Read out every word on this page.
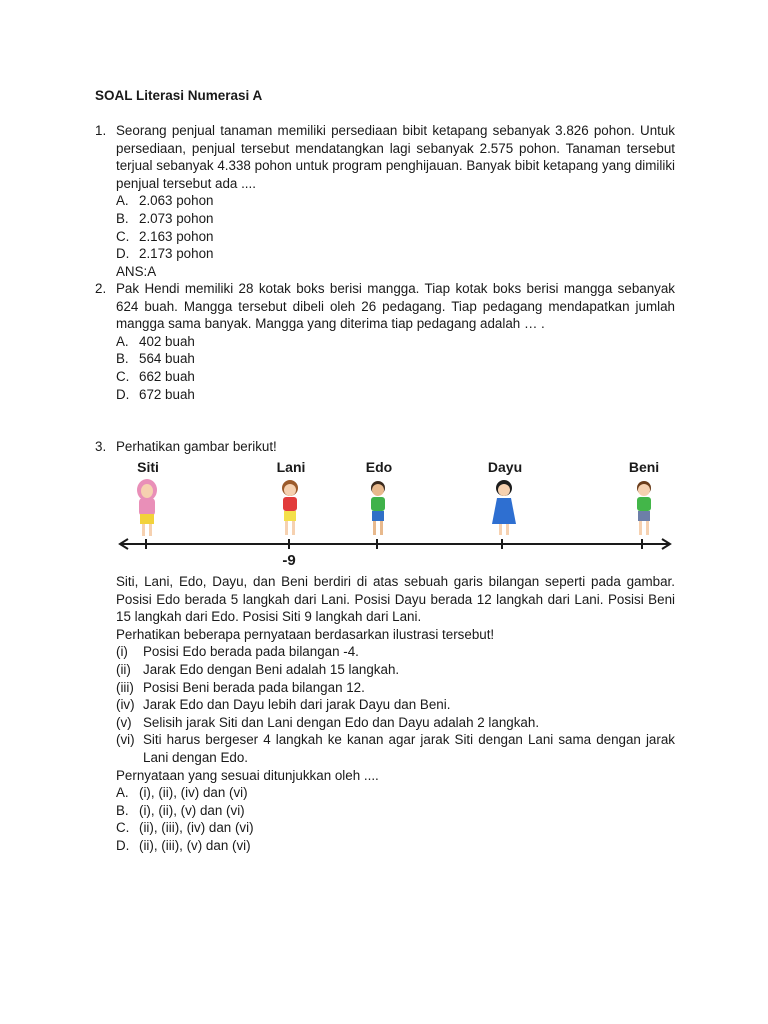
SOAL Literasi Numerasi A
1. Seorang penjual tanaman memiliki persediaan bibit ketapang sebanyak 3.826 pohon. Untuk persediaan, penjual tersebut mendatangkan lagi sebanyak 2.575 pohon. Tanaman tersebut terjual sebanyak 4.338 pohon untuk program penghijauan. Banyak bibit ketapang yang dimiliki penjual tersebut ada ....

A. 2.063 pohon
B. 2.073 pohon
C. 2.163 pohon
D. 2.173 pohon
ANS:A
2. Pak Hendi memiliki 28 kotak boks berisi mangga. Tiap kotak boks berisi mangga sebanyak 624 buah. Mangga tersebut dibeli oleh 26 pedagang. Tiap pedagang mendapatkan jumlah mangga sama banyak. Mangga yang diterima tiap pedagang adalah … .

A. 402 buah
B. 564 buah
C. 662 buah
D. 672 buah
3. Perhatikan gambar berikut!

Siti	Lani	Edo	Dayu	Beni
-9

Siti, Lani, Edo, Dayu, dan Beni berdiri di atas sebuah garis bilangan seperti pada gambar. Posisi Edo berada 5 langkah dari Lani. Posisi Dayu berada 12 langkah dari Lani. Posisi Beni 15 langkah dari Edo. Posisi Siti 9 langkah dari Lani.

Perhatikan beberapa pernyataan berdasarkan ilustrasi tersebut!

(i)	Posisi Edo berada pada bilangan -4.
(ii) Jarak Edo dengan Beni adalah 15 langkah.
(iii) Posisi Beni berada pada bilangan 12.
(iv) Jarak Edo dan Dayu lebih dari jarak Dayu dan Beni.
(v) Selisih jarak Siti dan Lani dengan Edo dan Dayu adalah 2 langkah.
(vi) Siti harus bergeser 4 langkah ke kanan agar jarak Siti dengan Lani sama dengan jarak Lani dengan Edo.

Pernyataan yang sesuai ditunjukkan oleh ....

A. (i), (ii), (iv) dan (vi)
B. (i), (ii), (v) dan (vi)
C. (ii), (iii), (iv) dan (vi)
D. (ii), (iii), (v) dan (vi)
